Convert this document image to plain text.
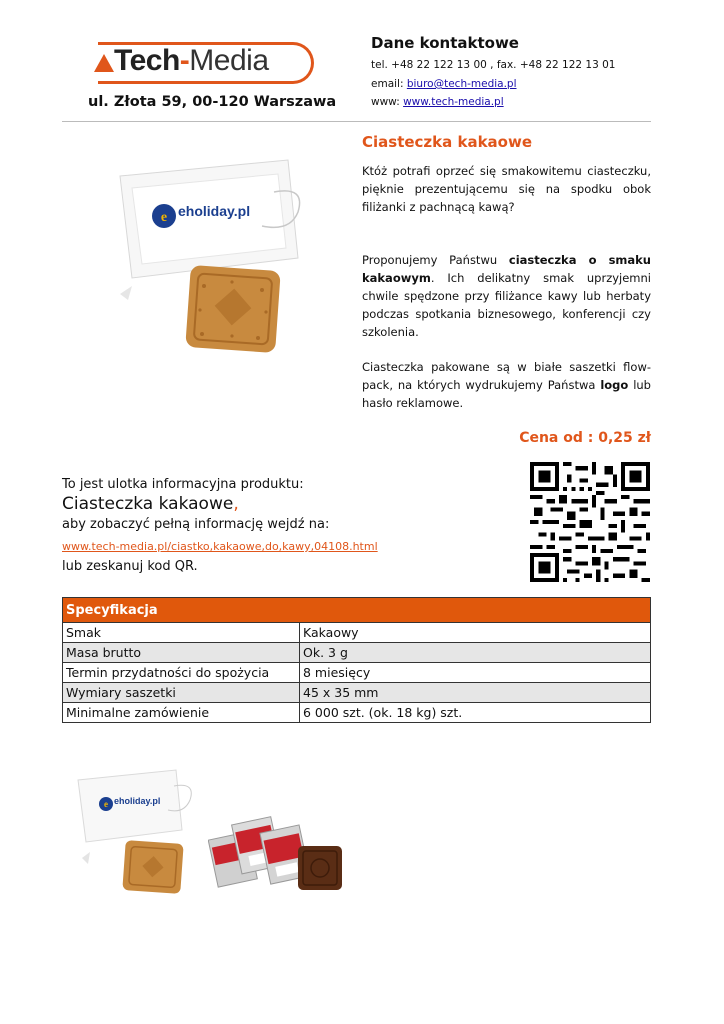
Tech-Media
ul. Złota 59, 00-120 Warszawa
Dane kontaktowe
tel. +48 22 122 13 00 , fax. +48 22 122 13 01
email: biuro@tech-media.pl
www: www.tech-media.pl
e eholiday.pl
Ciasteczka kakaowe
Któż potrafi oprzeć się smakowitemu ciasteczku, pięknie prezentującemu się na spodku obok filiżanki z pachnącą kawą?
Proponujemy Państwu ciasteczka o smaku kakaowym. Ich delikatny smak uprzyjemni chwile spędzone przy filiżance kawy lub herbaty podczas spotkania biznesowego, konferencji czy szkolenia.
Ciasteczka pakowane są w białe saszetki flow-pack, na których wydrukujemy Państwa logo lub hasło reklamowe.
Cena od : 0,25 zł
To jest ulotka informacyjna produktu:
Ciasteczka kakaowe,
aby zobaczyć pełną informację wejdź na:
www.tech-media.pl/ciastko,kakaowe,do,kawy,04108.html
lub zeskanuj kod QR.
Specyfikacja	
Smak	Kakaowy
Masa brutto	Ok. 3 g
Termin przydatności do spożycia	8 miesięcy
Wymiary saszetki	45 x 35 mm
Minimalne zamówienie	6 000 szt. (ok. 18 kg) szt.
e eholiday.pl
